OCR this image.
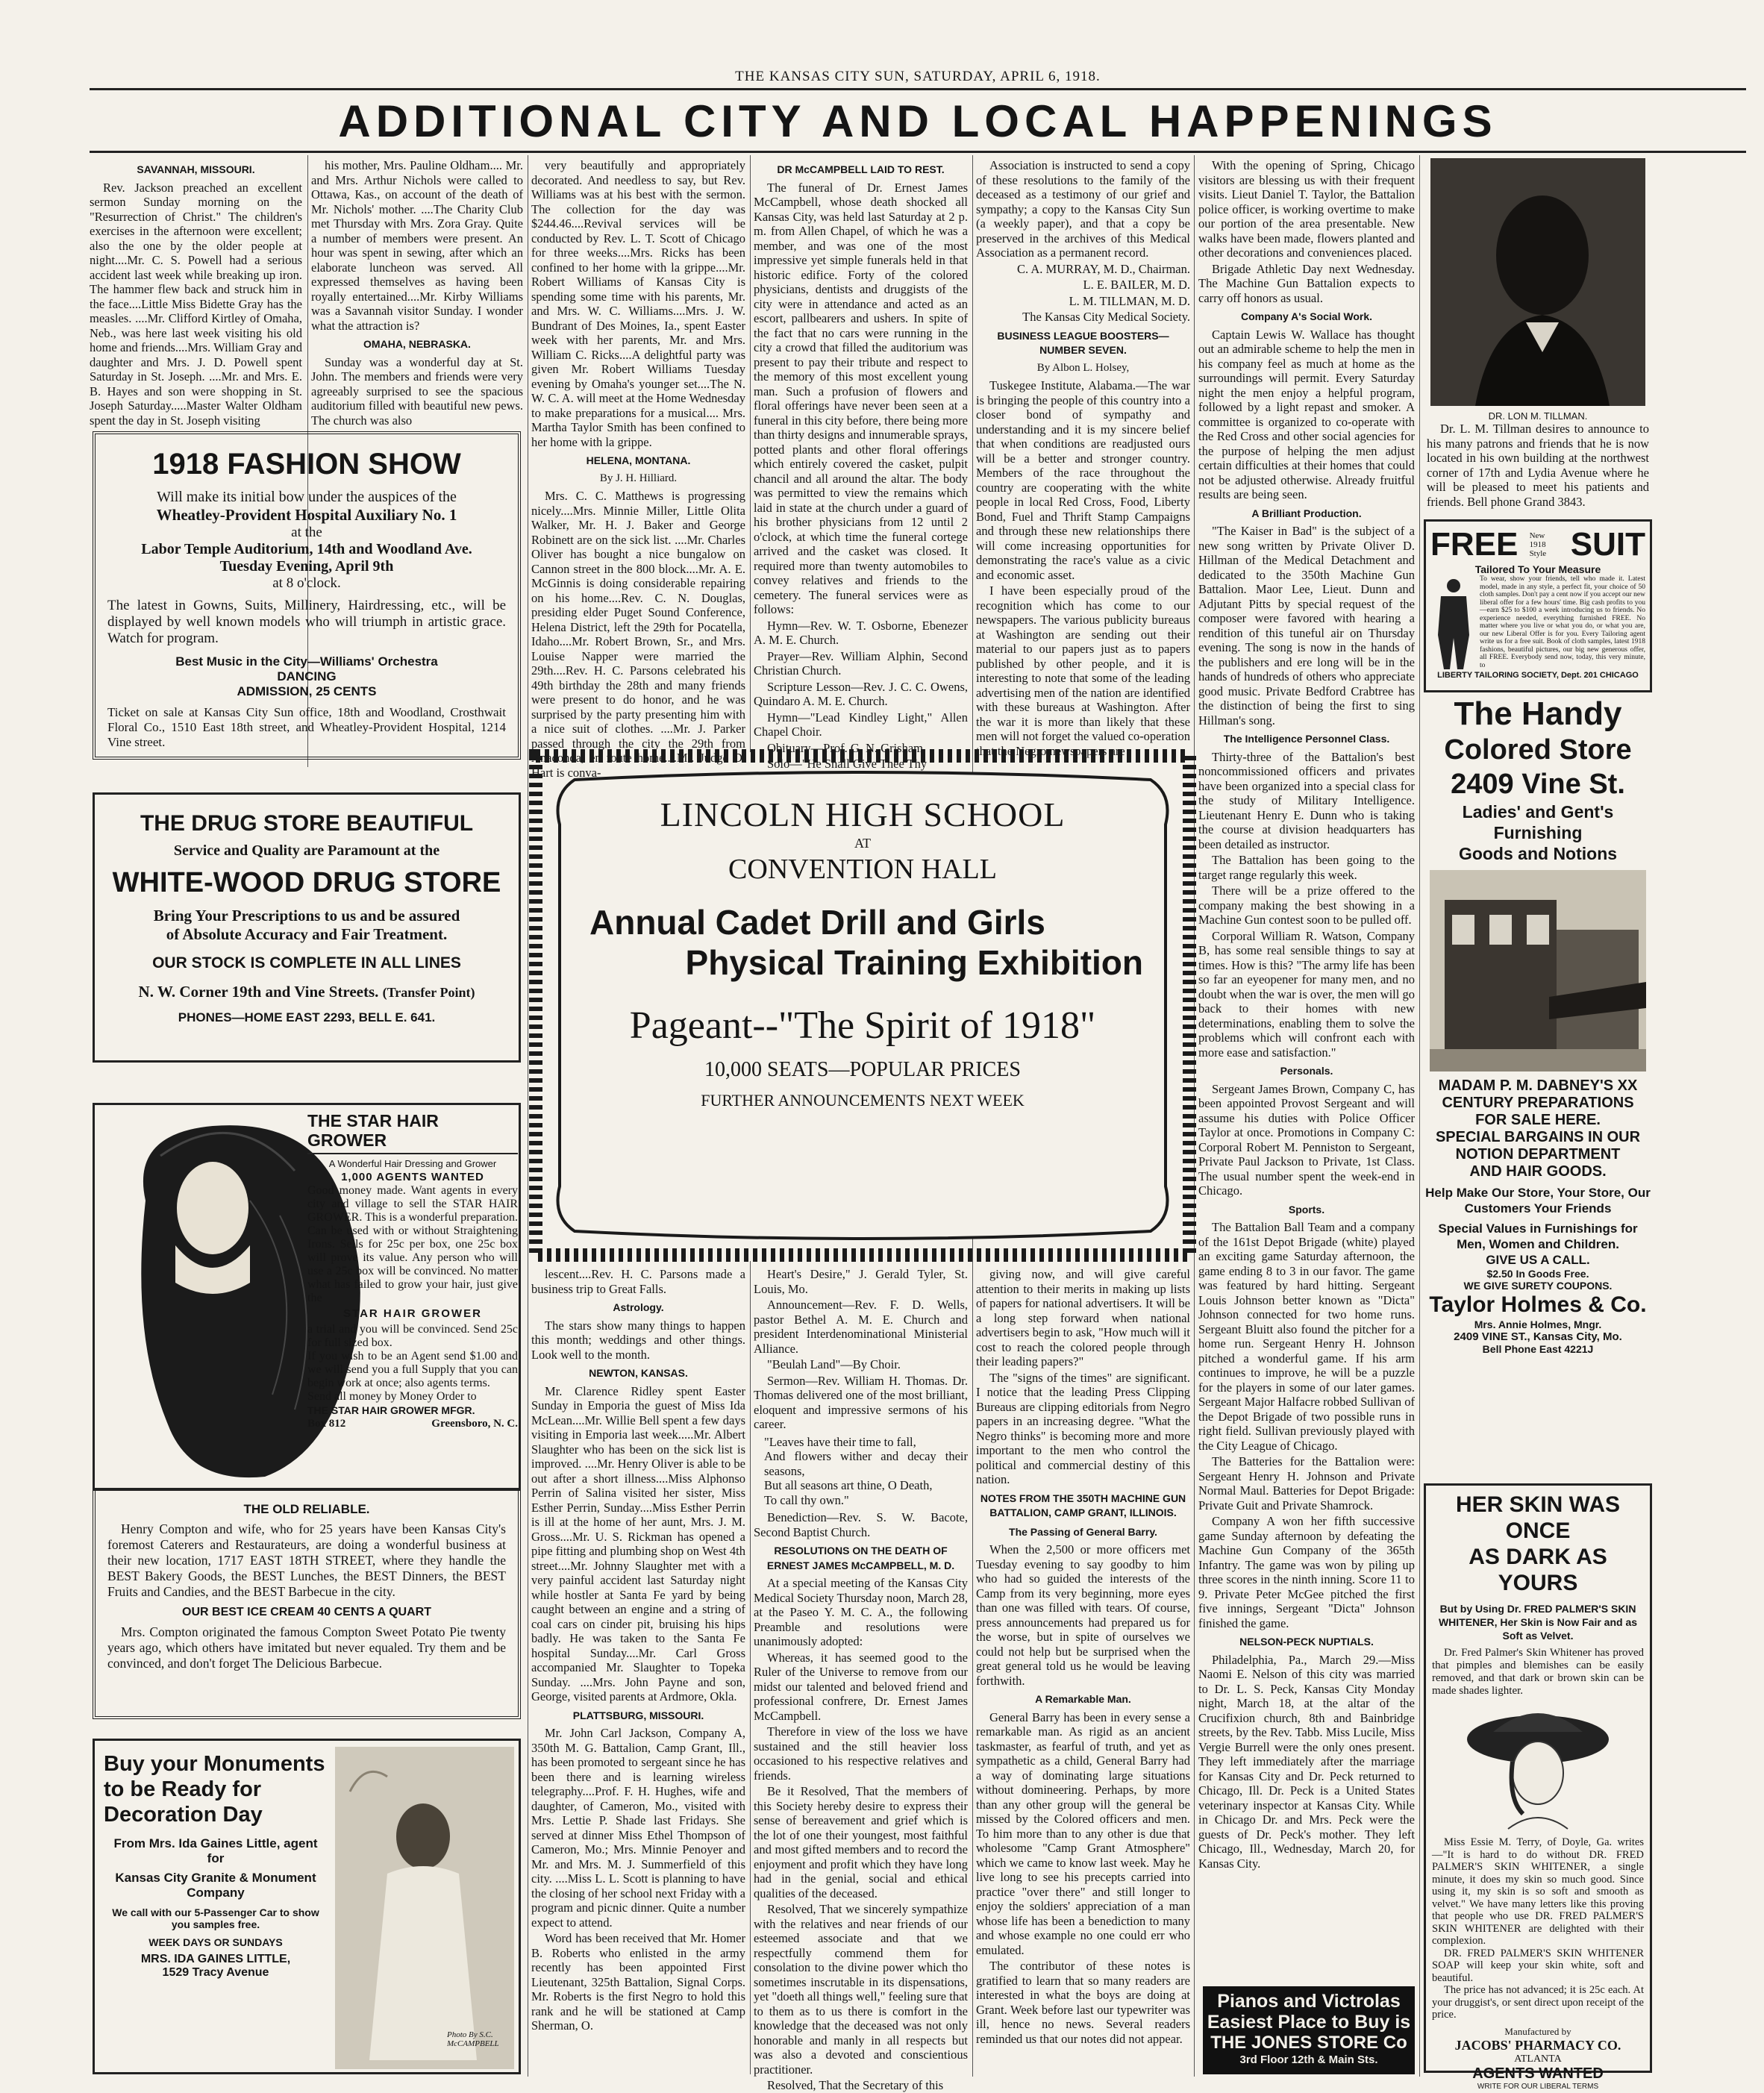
THE KANSAS CITY SUN, SATURDAY, APRIL 6, 1918.
ADDITIONAL CITY AND LOCAL HAPPENINGS
SAVANNAH, MISSOURI.

Rev. Jackson preached an excellent sermon Sunday morning on the "Resurrection of Christ." The children's exercises in the afternoon were excellent; also the one by the older people at night....Mr. C. S. Powell had a serious accident last week while breaking up iron. The hammer flew back and struck him in the face....Little Miss Bidette Gray has the measles. ....Mr. Clifford Kirtley of Omaha, Neb., was here last week visiting his old home and friends....Mrs. William Gray and daughter and Mrs. J. D. Powell spent Saturday in St. Joseph. ....Mr. and Mrs. E. B. Hayes and son were shopping in St. Joseph Saturday.....Master Walter Oldham spent the day in St. Joseph visiting

his mother, Mrs. Pauline Oldham.... Mr. and Mrs. Arthur Nichols were called to Ottawa, Kas., on account of the death of Mr. Nichols' mother. ....The Charity Club met Thursday with Mrs. Zora Gray. Quite a number of members were present. An hour was spent in sewing, after which an elaborate luncheon was served. All expressed themselves as having been royally entertained....Mr. Kirby Williams was a Savannah visitor Sunday. I wonder what the attraction is?

OMAHA, NEBRASKA.

Sunday was a wonderful day at St. John. The members and friends were very agreeably surprised to see the spacious auditorium filled with beautiful new pews. The church was also

very beautifully and appropriately decorated. And needless to say, but Rev. Williams was at his best with the sermon. The collection for the day was $244.46....Revival services will be conducted by Rev. L. T. Scott of Chicago for three weeks....Mrs. Ricks has been confined to her home with la grippe....Mr. Robert Williams of Kansas City is spending some time with his parents, Mr. and Mrs. W. C. Williams....Mrs. J. W. Bundrant of Des Moines, Ia., spent Easter week with her parents, Mr. and Mrs. William C. Ricks....A delightful party was given Mr. Robert Williams Tuesday evening by Omaha's younger set....The N. W. C. A. will meet at the Home Wednesday to make preparations for a musical.... Mrs. Martha Taylor Smith has been confined to her home with la grippe.

HELENA, MONTANA.
By J. H. Hilliard.

Mrs. C. C. Matthews is progressing nicely....Mrs. Minnie Miller, Little Olita Walker, Mr. H. J. Baker and George Robinett are on the sick list. ....Mr. Charles Oliver has bought a nice bungalow on Cannon street in the 800 block....Mr. A. E. McGinnis is doing considerable repairing on his home....Rev. C. N. Douglas, presiding elder Puget Sound Conference, Helena District, left the 29th for Pocatella, Idaho....Mr. Robert Brown, Sr., and Mrs. Louise Napper were married the 29th....Rev. H. C. Parsons celebrated his 49th birthday the 28th and many friends were present to do honor, and he was surprised by the party presenting him with a nice suit of clothes. ....Mr. J. Parker passed through the city the 29th from Anaconda, en route home....Mr. Judge D. Hart is conva-

DR McCAMPBELL LAID TO REST.

The funeral of Dr. Ernest James McCampbell, whose death shocked all Kansas City, was held last Saturday at 2 p. m. from Allen Chapel, of which he was a member, and was one of the most impressive yet simple funerals held in that historic edifice. Forty of the colored physicians, dentists and druggists of the city were in attendance and acted as an escort, pallbearers and ushers. In spite of the fact that no cars were running in the city a crowd that filled the auditorium was present to pay their tribute and respect to the memory of this most excellent young man. Such a profusion of flowers and floral offerings have never been seen at a funeral in this city before, there being more than thirty designs and innumerable sprays, potted plants and other floral offerings which entirely covered the casket, pulpit chancil and all around the altar. The body was permitted to view the remains which laid in state at the church under a guard of his brother physicians from 12 until 2 o'clock, at which time the funeral cortege arrived and the casket was closed. It required more than twenty automobiles to convey relatives and friends to the cemetery. The funeral services were as follows:

Hymn—Rev. W. T. Osborne, Ebenezer A. M. E. Church.

Prayer—Rev. William Alphin, Second Christian Church.

Scripture Lesson—Rev. J. C. C. Owens, Quindaro A. M. E. Church.

Hymn—"Lead Kindley Light," Allen Chapel Choir.

Obituary—Prof. G. N. Grisham.

Solo—"He Shall Give Thee Thy

Association is instructed to send a copy of these resolutions to the family of the deceased as a testimony of our grief and sympathy; a copy to the Kansas City Sun (a weekly paper), and that a copy be preserved in the archives of this Medical Association as a permanent record.

C. A. MURRAY, M. D., Chairman.

L. E. BAILER, M. D.

L. M. TILLMAN, M. D.

The Kansas City Medical Society.

BUSINESS LEAGUE BOOSTERS—NUMBER SEVEN.
By Albon L. Holsey,

Tuskegee Institute, Alabama.—The war is bringing the people of this country into a closer bond of sympathy and understanding and it is my sincere belief that when conditions are readjusted ours will be a better and stronger country. Members of the race throughout the country are cooperating with the white people in local Red Cross, Food, Liberty Bond, Fuel and Thrift Stamp Campaigns and through these new relationships there will come increasing opportunities for demonstrating the race's value as a civic and economic asset.

I have been especially proud of the recognition which has come to our newspapers. The various publicity bureaus at Washington are sending out their material to our papers just as to papers published by other people, and it is interesting to note that some of the leading advertising men of the nation are identified with these bureaus at Washington. After the war it is more than likely that these men will not forget the valued co-operation that the Negro newspapers are

With the opening of Spring, Chicago visitors are blessing us with their frequent visits. Lieut Daniel T. Taylor, the Battalion police officer, is working overtime to make our portion of the area presentable. New walks have been made, flowers planted and other decorations and conveniences placed.

Brigade Athletic Day next Wednesday. The Machine Gun Battalion expects to carry off honors as usual.

Company A's Social Work.

Captain Lewis W. Wallace has thought out an admirable scheme to help the men in his company feel as much at home as the surroundings will permit. Every Saturday night the men enjoy a helpful program, followed by a light repast and smoker. A committee is organized to co-operate with the Red Cross and other social agencies for the purpose of helping the men adjust certain difficulties at their homes that could not be adjusted otherwise. Already fruitful results are being seen.

A Brilliant Production.

"The Kaiser in Bad" is the subject of a new song written by Private Oliver D. Hillman of the Medical Detachment and dedicated to the 350th Machine Gun Battalion. Maor Lee, Lieut. Dunn and Adjutant Pitts by special request of the composer were favored with hearing a rendition of this tuneful air on Thursday evening. The song is now in the hands of the publishers and ere long will be in the hands of hundreds of others who appreciate good music. Private Bedford Crabtree has the distinction of being the first to sing Hillman's song.

The Intelligence Personnel Class.

Thirty-three of the Battalion's best noncommissioned officers and privates have been organized into a special class for the study of Military Intelligence. Lieutenant Henry E. Dunn who is taking the course at division headquarters has been detailed as instructor.

The Battalion has been going to the target range regularly this week.

There will be a prize offered to the company making the best showing in a Machine Gun contest soon to be pulled off.

Corporal William R. Watson, Company B, has some real sensible things to say at times. How is this? "The army life has been so far an eyeopener for many men, and no doubt when the war is over, the men will go back to their homes with new determinations, enabling them to solve the problems which will confront each with more ease and satisfaction."

Personals.

Sergeant James Brown, Company C, has been appointed Provost Sergeant and will assume his duties with Police Officer Taylor at once. Promotions in Company C: Corporal Robert M. Penniston to Sergeant, Private Paul Jackson to Private, 1st Class. The usual number spent the week-end in Chicago.

Sports.

The Battalion Ball Team and a company of the 161st Depot Brigade (white) played an exciting game Saturday afternoon, the game ending 8 to 3 in our favor. The game was featured by hard hitting. Sergeant Louis Johnson better known as "Dicta" Johnson connected for two home runs. Sergeant Bluitt also found the pitcher for a home run. Sergeant Henry H. Johnson pitched a wonderful game. If his arm continues to improve, he will be a puzzle for the players in some of our later games. Sergeant Major Halfacre robbed Sullivan of the Depot Brigade of two possible runs in right field. Sullivan previously played with the City League of Chicago.

The Batteries for the Battalion were: Sergeant Henry H. Johnson and Private Normal Maul. Batteries for Depot Brigade: Private Guit and Private Shamrock.

Company A won her fifth successive game Sunday afternoon by defeating the Machine Gun Company of the 365th Infantry. The game was won by piling up three scores in the ninth inning. Score 11 to 9. Private Peter McGee pitched the first five innings, Sergeant "Dicta" Johnson finished the game.

NELSON-PECK NUPTIALS.

Philadelphia, Pa., March 29.—Miss Naomi E. Nelson of this city was married to Dr. L. S. Peck, Kansas City Monday night, March 18, at the altar of the Crucifixion church, 8th and Bainbridge streets, by the Rev. Tabb. Miss Lucile, Miss Vergie Burrell were the only ones present. They left immediately after the marriage for Kansas City and Dr. Peck returned to Chicago, Ill. Dr. Peck is a United States veterinary inspector at Kansas City. While in Chicago Dr. and Mrs. Peck were the guests of Dr. Peck's mother. They left Chicago, Ill., Wednesday, March 20, for Kansas City.

1918 FASHION SHOW
Will make its initial bow under the auspices of the
Wheatley-Provident Hospital Auxiliary No. 1
at the
Labor Temple Auditorium, 14th and Woodland Ave.
Tuesday Evening, April 9th
at 8 o'clock.
The latest in Gowns, Suits, Millinery, Hairdressing, etc., will be displayed by well known models who will triumph in artistic grace. Watch for program.
Best Music in the City—Williams' Orchestra
DANCING
ADMISSION, 25 CENTS
Ticket on sale at Kansas City Sun office, 18th and Woodland, Crosthwait Floral Co., 1510 East 18th street, and Wheatley-Provident Hospital, 1214 Vine street.
THE DRUG STORE BEAUTIFUL
Service and Quality are Paramount at the
WHITE-WOOD DRUG STORE
Bring Your Prescriptions to us and be assured
of Absolute Accuracy and Fair Treatment.
OUR STOCK IS COMPLETE IN ALL LINES
N. W. Corner 19th and Vine Streets. (Transfer Point)
PHONES—HOME EAST 2293, BELL E. 641.
THE STAR HAIR GROWER
A Wonderful Hair Dressing and Grower
1,000 AGENTS WANTED
Good money made. Want agents in every city and village to sell the STAR HAIR GROWER. This is a wonderful preparation. Can be used with or without Straightening Irons. Sells for 25c per box, one 25c box will prove its value. Any person who will use a 25c box will be convinced. No matter what has failed to grow your hair, just give the
STAR HAIR GROWER
a trial and you will be convinced. Send 25c for full sized box.
If you wish to be an Agent send $1.00 and we will send you a full Supply that you can begin work at once; also agents terms.
Send all money by Money Order to
THE STAR HAIR GROWER MFGR.
Box 812	Greensboro, N. C.
THE OLD RELIABLE.
Henry Compton and wife, who for 25 years have been Kansas City's foremost Caterers and Restaurateurs, are doing a wonderful business at their new location, 1717 EAST 18TH STREET, where they handle the BEST Bakery Goods, the BEST Lunches, the BEST Dinners, the BEST Fruits and Candies, and the BEST Barbecue in the city.
OUR BEST ICE CREAM 40 CENTS A QUART
Mrs. Compton originated the famous Compton Sweet Potato Pie twenty years ago, which others have imitated but never equaled. Try them and be convinced, and don't forget The Delicious Barbecue.
Buy your Monuments to be Ready for Decoration Day
From Mrs. Ida Gaines Little, agent for
Kansas City Granite & Monument Company
We call with our 5-Passenger Car to show you samples free.
WEEK DAYS OR SUNDAYS
MRS. IDA GAINES LITTLE,
1529 Tracy Avenue
Photo By S.C. McCAMPBELL
LINCOLN HIGH SCHOOL
AT
CONVENTION HALL
Annual Cadet Drill and Girls
Physical Training Exhibition
Pageant--"The Spirit of 1918"
10,000 SEATS—POPULAR PRICES
FURTHER ANNOUNCEMENTS NEXT WEEK

lescent....Rev. H. C. Parsons made a business trip to Great Falls.

Astrology.

The stars show many things to happen this month; weddings and other things. Look well to the month.

NEWTON, KANSAS.

Mr. Clarence Ridley spent Easter Sunday in Emporia the guest of Miss Ida McLean....Mr. Willie Bell spent a few days visiting in Emporia last week.....Mr. Albert Slaughter who has been on the sick list is improved. ....Mr. Henry Oliver is able to be out after a short illness....Miss Alphonso Perrin of Salina visited her sister, Miss Esther Perrin, Sunday....Miss Esther Perrin is ill at the home of her aunt, Mrs. J. M. Gross....Mr. U. S. Rickman has opened a pipe fitting and plumbing shop on West 4th street....Mr. Johnny Slaughter met with a very painful accident last Saturday night while hostler at Santa Fe yard by being caught between an engine and a string of coal cars on cinder pit, bruising his hips badly. He was taken to the Santa Fe hospital Sunday....Mr. Carl Gross accompanied Mr. Slaughter to Topeka Sunday. ....Mrs. John Payne and son, George, visited parents at Ardmore, Okla.

PLATTSBURG, MISSOURI.

Mr. John Carl Jackson, Company A, 350th M. G. Battalion, Camp Grant, Ill., has been promoted to sergeant since he has been there and is learning wireless telegraphy....Prof. F. H. Hughes, wife and daughter, of Cameron, Mo., visited with Mrs. Lettie P. Shade last Fridays. She served at dinner Miss Ethel Thompson of Cameron, Mo.; Mrs. Minnie Penoyer and Mr. and Mrs. M. J. Summerfield of this city. ....Miss L. L. Scott is planning to have the closing of her school next Friday with a program and picnic dinner. Quite a number expect to attend.

Word has been received that Mr. Homer B. Roberts who enlisted in the army recently has been appointed First Lieutenant, 325th Battalion, Signal Corps. Mr. Roberts is the first Negro to hold this rank and he will be stationed at Camp Sherman, O.

Heart's Desire," J. Gerald Tyler, St. Louis, Mo.

Announcement—Rev. F. D. Wells, pastor Bethel A. M. E. Church and president Interdenominational Ministerial Alliance.

"Beulah Land"—By Choir.

Sermon—Rev. William H. Thomas. Dr. Thomas delivered one of the most brilliant, eloquent and impressive sermons of his career.

"Leaves have their time to fall,
And flowers wither and decay their seasons,
But all seasons art thine, O Death,
To call thy own."

Benediction—Rev. S. W. Bacote, Second Baptist Church.

RESOLUTIONS ON THE DEATH OF ERNEST JAMES McCAMPBELL, M. D.

At a special meeting of the Kansas City Medical Society Thursday noon, March 28, at the Paseo Y. M. C. A., the following Preamble and resolutions were unanimously adopted:

Whereas, it has seemed good to the Ruler of the Universe to remove from our midst our talented and beloved friend and professional confrere, Dr. Ernest James McCampbell.

Therefore in view of the loss we have sustained and the still heavier loss occasioned to his respective relatives and friends.

Be it Resolved, That the members of this Society hereby desire to express their sense of bereavement and grief which is the lot of one their youngest, most faithful and most gifted members and to record the enjoyment and profit which they have long had in the genial, social and ethical qualities of the deceased.

Resolved, That we sincerely sympathize with the relatives and near friends of our esteemed associate and that we respectfully commend them for consolation to the divine power which tho sometimes inscrutable in its dispensations, yet "doeth all things well," feeling sure that to them as to us there is comfort in the knowledge that the deceased was not only honorable and manly in all respects but was also a devoted and conscientious practitioner.

Resolved, That the Secretary of this

giving now, and will give careful attention to their merits in making up lists of papers for national advertisers. It will be a long step forward when national advertisers begin to ask, "How much will it cost to reach the colored people through their leading papers?"

The "signs of the times" are significant. I notice that the leading Press Clipping Bureaus are clipping editorials from Negro papers in an increasing degree. "What the Negro thinks" is becoming more and more important to the men who control the political and commercial destiny of this nation.

NOTES FROM THE 350TH MACHINE GUN BATTALION, CAMP GRANT, ILLINOIS.
The Passing of General Barry.

When the 2,500 or more officers met Tuesday evening to say goodby to him who had so guided the interests of the Camp from its very beginning, more eyes than one was filled with tears. Of course, press announcements had prepared us for the worse, but in spite of ourselves we could not help but be surprised when the great general told us he would be leaving forthwith.

A Remarkable Man.

General Barry has been in every sense a remarkable man. As rigid as an ancient taskmaster, as fearful of truth, and yet as sympathetic as a child, General Barry had a way of dominating large situations without domineering. Perhaps, by more than any other group will the general be missed by the Colored officers and men. To him more than to any other is due that wholesome "Camp Grant Atmosphere" which we came to know last week. May he live long to see his precepts carried into practice "over there" and still longer to enjoy the soldiers' appreciation of a man whose life has been a benediction to many and whose example no one could err who emulated.

The contributor of these notes is gratified to learn that so many readers are interested in what the boys are doing at Grant. Week before last our typewriter was ill, hence no news. Several readers reminded us that our notes did not appear.

DR. LON M. TILLMAN.
Dr. L. M. Tillman desires to announce to his many patrons and friends that he is now located in his own building at the northwest corner of 17th and Lydia Avenue where he will be pleased to meet his patients and friends. Bell phone Grand 3843.
FREE New 1918 Style SUIT
Tailored To Your Measure
To wear, show your friends, tell who made it. Latest model, made in any style, a perfect fit, your choice of 50 cloth samples. Don't pay a cent now if you accept our new liberal offer for a few hours' time. Big cash profits to you—earn $25 to $100 a week introducing us to friends. No experience needed, everything furnished FREE. No matter where you live or what you do, or what you are, our new Liberal Offer is for you. Every Tailoring agent write us for a free suit. Book of cloth samples, latest 1918 fashions, beautiful pictures, our big new generous offer, all FREE. Everybody send now, today, this very minute, to
LIBERTY TAILORING SOCIETY, Dept. 201 CHICAGO
The Handy
Colored Store
2409 Vine St.
Ladies' and Gent's Furnishing
Goods and Notions
MADAM P. M. DABNEY'S XX
CENTURY PREPARATIONS
FOR SALE HERE.
SPECIAL BARGAINS IN OUR
NOTION DEPARTMENT
AND HAIR GOODS.
Help Make Our Store, Your Store, Our Customers Your Friends
Special Values in Furnishings for Men, Women and Children.
GIVE US A CALL.
$2.50 In Goods Free.
WE GIVE SURETY COUPONS.
Taylor Holmes & Co.
Mrs. Annie Holmes, Mngr.
2409 VINE ST., Kansas City, Mo.
Bell Phone East 4221J
HER SKIN WAS ONCE
AS DARK AS YOURS
But by Using Dr. FRED PALMER'S SKIN WHITENER, Her Skin is Now Fair and as Soft as Velvet.
Dr. Fred Palmer's Skin Whitener has proved that pimples and blemishes can be easily removed, and that dark or brown skin can be made shades lighter.
Miss Essie M. Terry, of Doyle, Ga. writes—"It is hard to do without DR. FRED PALMER'S SKIN WHITENER, a single minute, it does my skin so much good. Since using it, my skin is so soft and smooth as velvet." We have many letters like this proving that people who use DR. FRED PALMER'S SKIN WHITENER are delighted with their complexion.
DR. FRED PALMER'S SKIN WHITENER SOAP will keep your skin white, soft and beautiful.
The price has not advanced; it is 25c each. At your druggist's, or sent direct upon receipt of the price.
Manufactured by
JACOBS' PHARMACY CO.
ATLANTA
AGENTS WANTED
WRITE FOR OUR LIBERAL TERMS
Pianos and Victrolas
Easiest Place to Buy is
THE JONES STORE Co
3rd Floor 12th & Main Sts.
